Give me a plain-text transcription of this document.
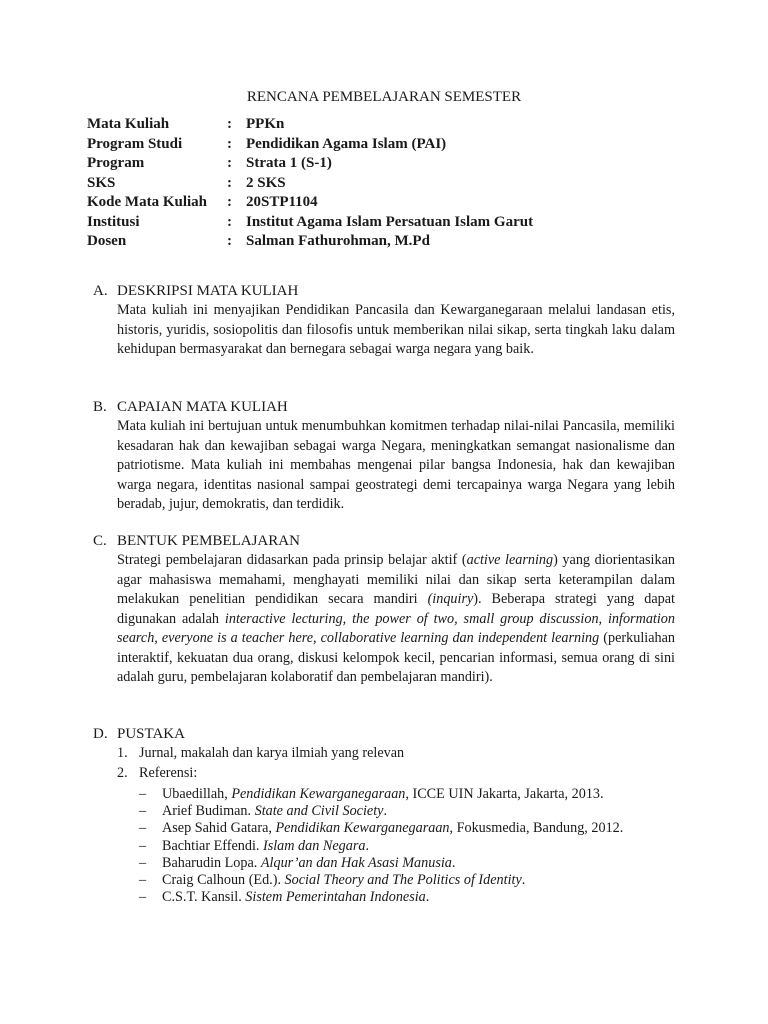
RENCANA PEMBELAJARAN SEMESTER
Mata Kuliah	: PPKn
Program Studi	: Pendidikan Agama Islam (PAI)
Program	: Strata 1 (S-1)
SKS	: 2 SKS
Kode Mata Kuliah : 20STP1104
Institusi	: Institut Agama Islam Persatuan Islam Garut
Dosen	: Salman Fathurohman, M.Pd
A. DESKRIPSI MATA KULIAH
Mata kuliah ini menyajikan Pendidikan Pancasila dan Kewarganegaraan melalui landasan etis, historis, yuridis, sosiopolitis dan filosofis untuk memberikan nilai sikap, serta tingkah laku dalam kehidupan bermasyarakat dan bernegara sebagai warga negara yang baik.
B. CAPAIAN MATA KULIAH
Mata kuliah ini bertujuan untuk menumbuhkan komitmen terhadap nilai-nilai Pancasila, memiliki kesadaran hak dan kewajiban sebagai warga Negara, meningkatkan semangat nasionalisme dan patriotisme. Mata kuliah ini membahas mengenai pilar bangsa Indonesia, hak dan kewajiban warga negara, identitas nasional sampai geostrategi demi tercapainya warga Negara yang lebih beradab, jujur, demokratis, dan terdidik.
C. BENTUK PEMBELAJARAN
Strategi pembelajaran didasarkan pada prinsip belajar aktif (active learning) yang diorientasikan agar mahasiswa memahami, menghayati memiliki nilai dan sikap serta keterampilan dalam melakukan penelitian pendidikan secara mandiri (inquiry). Beberapa strategi yang dapat digunakan adalah interactive lecturing, the power of two, small group discussion, information search, everyone is a teacher here, collaborative learning dan independent learning (perkuliahan interaktif, kekuatan dua orang, diskusi kelompok kecil, pencarian informasi, semua orang di sini adalah guru, pembelajaran kolaboratif dan pembelajaran mandiri).
D. PUSTAKA
1. Jurnal, makalah dan karya ilmiah yang relevan
2. Referensi:
– Ubaedillah, Pendidikan Kewarganegaraan, ICCE UIN Jakarta, Jakarta, 2013.
– Arief Budiman. State and Civil Society.
– Asep Sahid Gatara, Pendidikan Kewarganegaraan, Fokusmedia, Bandung, 2012.
– Bachtiar Effendi. Islam dan Negara.
– Baharudin Lopa. Alqur’an dan Hak Asasi Manusia.
– Craig Calhoun (Ed.). Social Theory and The Politics of Identity.
– C.S.T. Kansil. Sistem Pemerintahan Indonesia.
